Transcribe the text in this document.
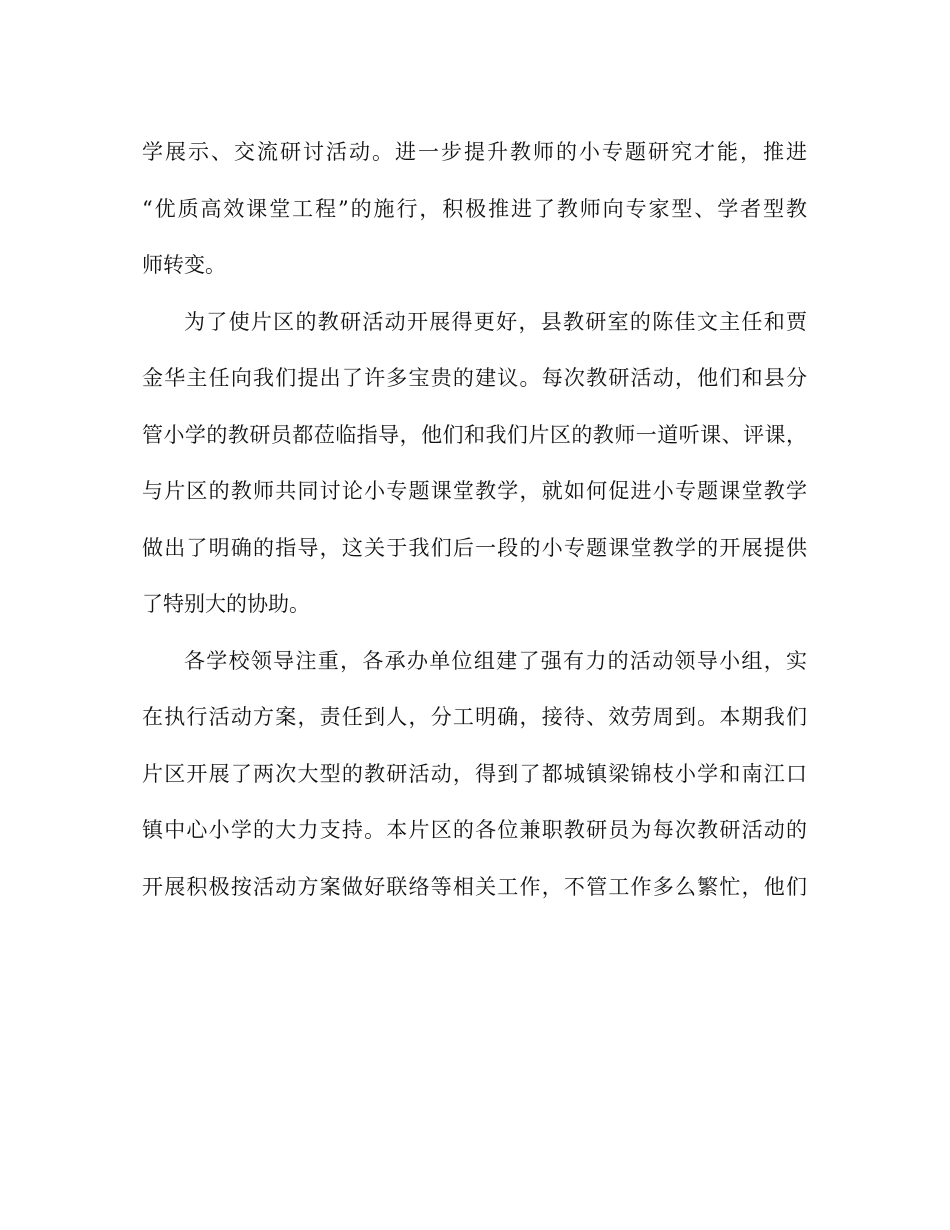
学展示、交流研讨活动。进一步提升教师的小专题研究才能，推进
“优质高效课堂工程”的施行，积极推进了教师向专家型、学者型教
师转变。
为了使片区的教研活动开展得更好，县教研室的陈佳文主任和贾
金华主任向我们提出了许多宝贵的建议。每次教研活动，他们和县分
管小学的教研员都莅临指导，他们和我们片区的教师一道听课、评课，
与片区的教师共同讨论小专题课堂教学，就如何促进小专题课堂教学
做出了明确的指导，这关于我们后一段的小专题课堂教学的开展提供
了特别大的协助。
各学校领导注重，各承办单位组建了强有力的活动领导小组，实
在执行活动方案，责任到人，分工明确，接待、效劳周到。本期我们
片区开展了两次大型的教研活动，得到了都城镇梁锦枝小学和南江口
镇中心小学的大力支持。本片区的各位兼职教研员为每次教研活动的
开展积极按活动方案做好联络等相关工作，不管工作多么繁忙，他们
